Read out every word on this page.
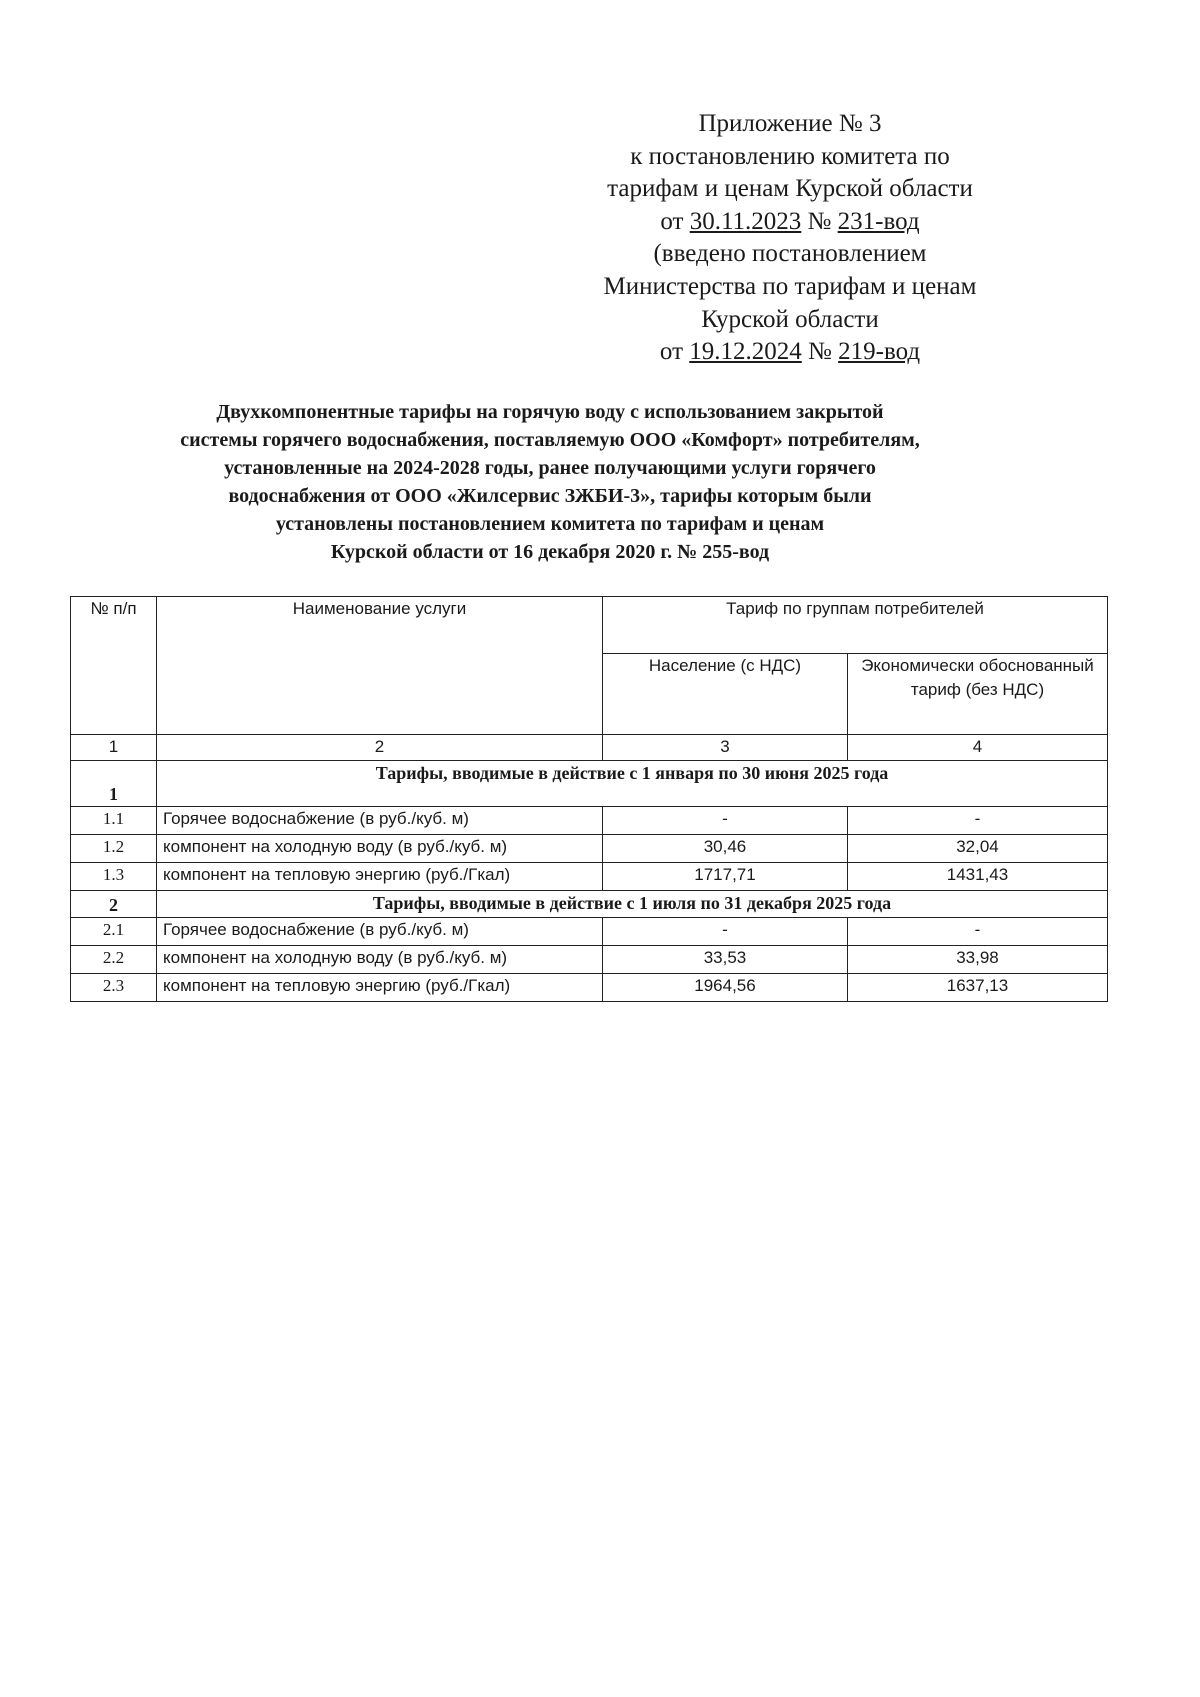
Приложение № 3
к постановлению комитета по
тарифам и ценам Курской области
от 30.11.2023 № 231-вод
(введено постановлением
Министерства по тарифам и ценам
Курской области
от 19.12.2024 № 219-вод
Двухкомпонентные тарифы на горячую воду с использованием закрытой
системы горячего водоснабжения, поставляемую ООО «Комфорт» потребителям,
установленные на 2024-2028 годы, ранее получающими услуги горячего
водоснабжения от ООО «Жилсервис ЗЖБИ-3», тарифы которым были
установлены постановлением комитета по тарифам и ценам
Курской области от 16 декабря 2020 г. № 255-вод
№ п/п	Наименование услуги	Тариф по группам потребителей	
		Население (с НДС)	Экономически обоснованный тариф (без НДС)
1	2	3	4
1	Тарифы, вводимые в действие с 1 января по 30 июня 2025 года		
1.1	Горячее водоснабжение (в руб./куб. м)	-	-
1.2	компонент на холодную воду (в руб./куб. м)	30,46	32,04
1.3	компонент на тепловую энергию (руб./Гкал)	1717,71	1431,43
2	Тарифы, вводимые в действие с 1 июля по 31 декабря 2025 года		
2.1	Горячее водоснабжение (в руб./куб. м)	-	-
2.2	компонент на холодную воду (в руб./куб. м)	33,53	33,98
2.3	компонент на тепловую энергию (руб./Гкал)	1964,56	1637,13
